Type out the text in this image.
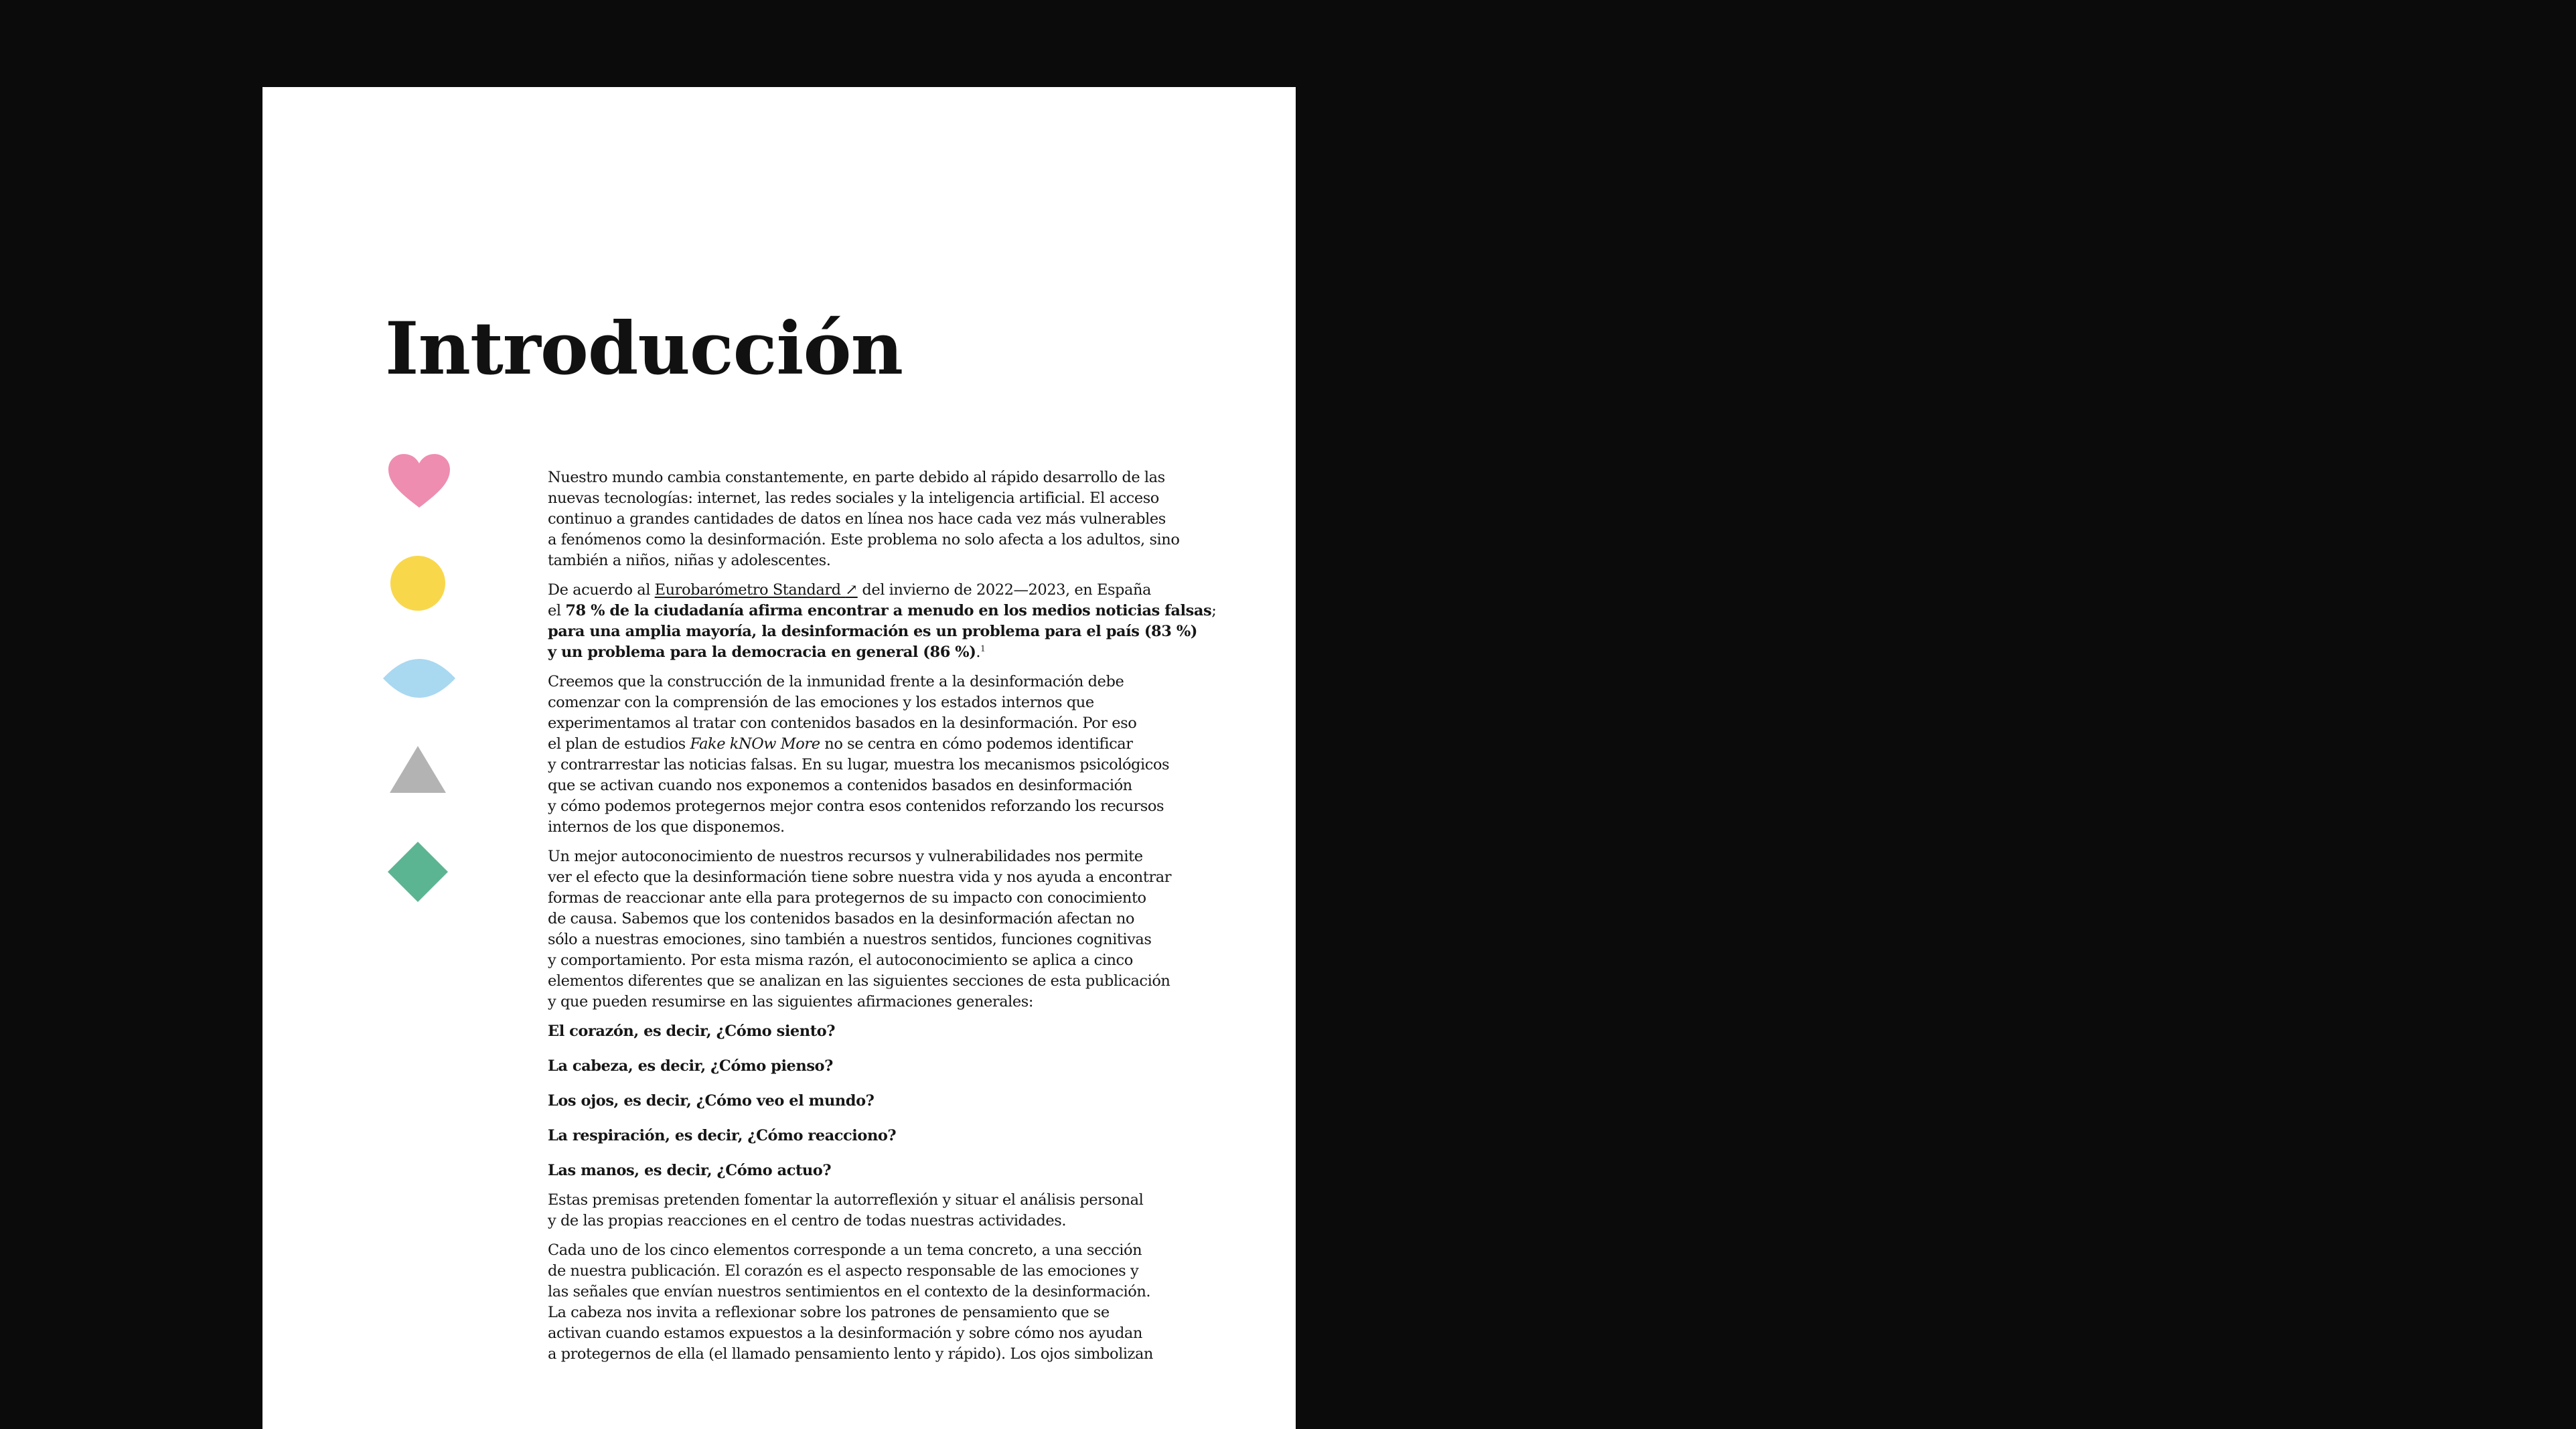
Introducción

Nuestro mundo cambia constantemente, en parte debido al rápido desarrollo de las
nuevas tecnologías: internet, las redes sociales y la inteligencia artificial. El acceso
continuo a grandes cantidades de datos en línea nos hace cada vez más vulnerables
a fenómenos como la desinformación. Este problema no solo afecta a los adultos, sino
también a niños, niñas y adolescentes.

De acuerdo al Eurobarómetro Standard ↗ del invierno de 2022—2023, en España
el 78 % de la ciudadanía afirma encontrar a menudo en los medios noticias falsas;
para una amplia mayoría, la desinformación es un problema para el país (83 %)
y un problema para la democracia en general (86 %).$^1$

Creemos que la construcción de la inmunidad frente a la desinformación debe
comenzar con la comprensión de las emociones y los estados internos que
experimentamos al tratar con contenidos basados en la desinformación. Por eso
el plan de estudios Fake kNOw More no se centra en cómo podemos identificar
y contrarrestar las noticias falsas. En su lugar, muestra los mecanismos psicológicos
que se activan cuando nos exponemos a contenidos basados en desinformación
y cómo podemos protegernos mejor contra esos contenidos reforzando los recursos
internos de los que disponemos.

Un mejor autoconocimiento de nuestros recursos y vulnerabilidades nos permite
ver el efecto que la desinformación tiene sobre nuestra vida y nos ayuda a encontrar
formas de reaccionar ante ella para protegernos de su impacto con conocimiento
de causa. Sabemos que los contenidos basados en la desinformación afectan no
sólo a nuestras emociones, sino también a nuestros sentidos, funciones cognitivas
y comportamiento. Por esta misma razón, el autoconocimiento se aplica a cinco
elementos diferentes que se analizan en las siguientes secciones de esta publicación
y que pueden resumirse en las siguientes afirmaciones generales:

El corazón, es decir, ¿Cómo siento?

La cabeza, es decir, ¿Cómo pienso?

Los ojos, es decir, ¿Cómo veo el mundo?

La respiración, es decir, ¿Cómo reacciono?

Las manos, es decir, ¿Cómo actuo?

Estas premisas pretenden fomentar la autorreflexión y situar el análisis personal
y de las propias reacciones en el centro de todas nuestras actividades.

Cada uno de los cinco elementos corresponde a un tema concreto, a una sección
de nuestra publicación. El corazón es el aspecto responsable de las emociones y
las señales que envían nuestros sentimientos en el contexto de la desinformación.
La cabeza nos invita a reflexionar sobre los patrones de pensamiento que se
activan cuando estamos expuestos a la desinformación y sobre cómo nos ayudan
a protegernos de ella (el llamado pensamiento lento y rápido). Los ojos simbolizan
